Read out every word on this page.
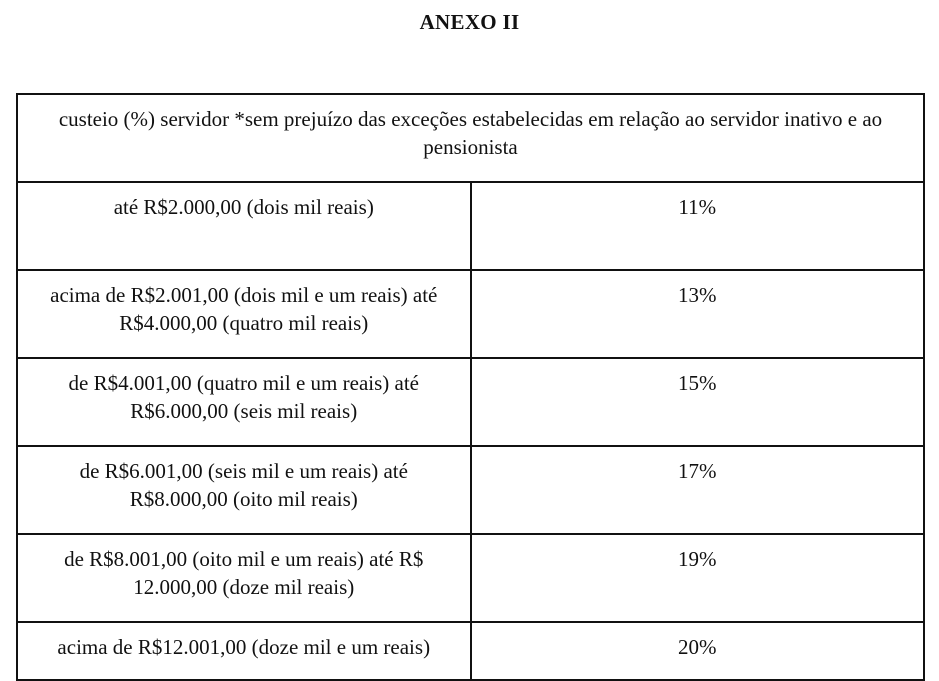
ANEXO II
custeio (%) servidor *sem prejuízo das exceções estabelecidas em relação ao servidor inativo e ao pensionista	
até R$2.000,00 (dois mil reais)	11%
acima de R$2.001,00 (dois mil e um reais) até R$4.000,00 (quatro mil reais)	13%
de R$4.001,00 (quatro mil e um reais) até R$6.000,00 (seis mil reais)	15%
de R$6.001,00 (seis mil e um reais) até R$8.000,00 (oito mil reais)	17%
de R$8.001,00 (oito mil e um reais) até R$ 12.000,00 (doze mil reais)	19%
acima de R$12.001,00 (doze mil e um reais)	20%
